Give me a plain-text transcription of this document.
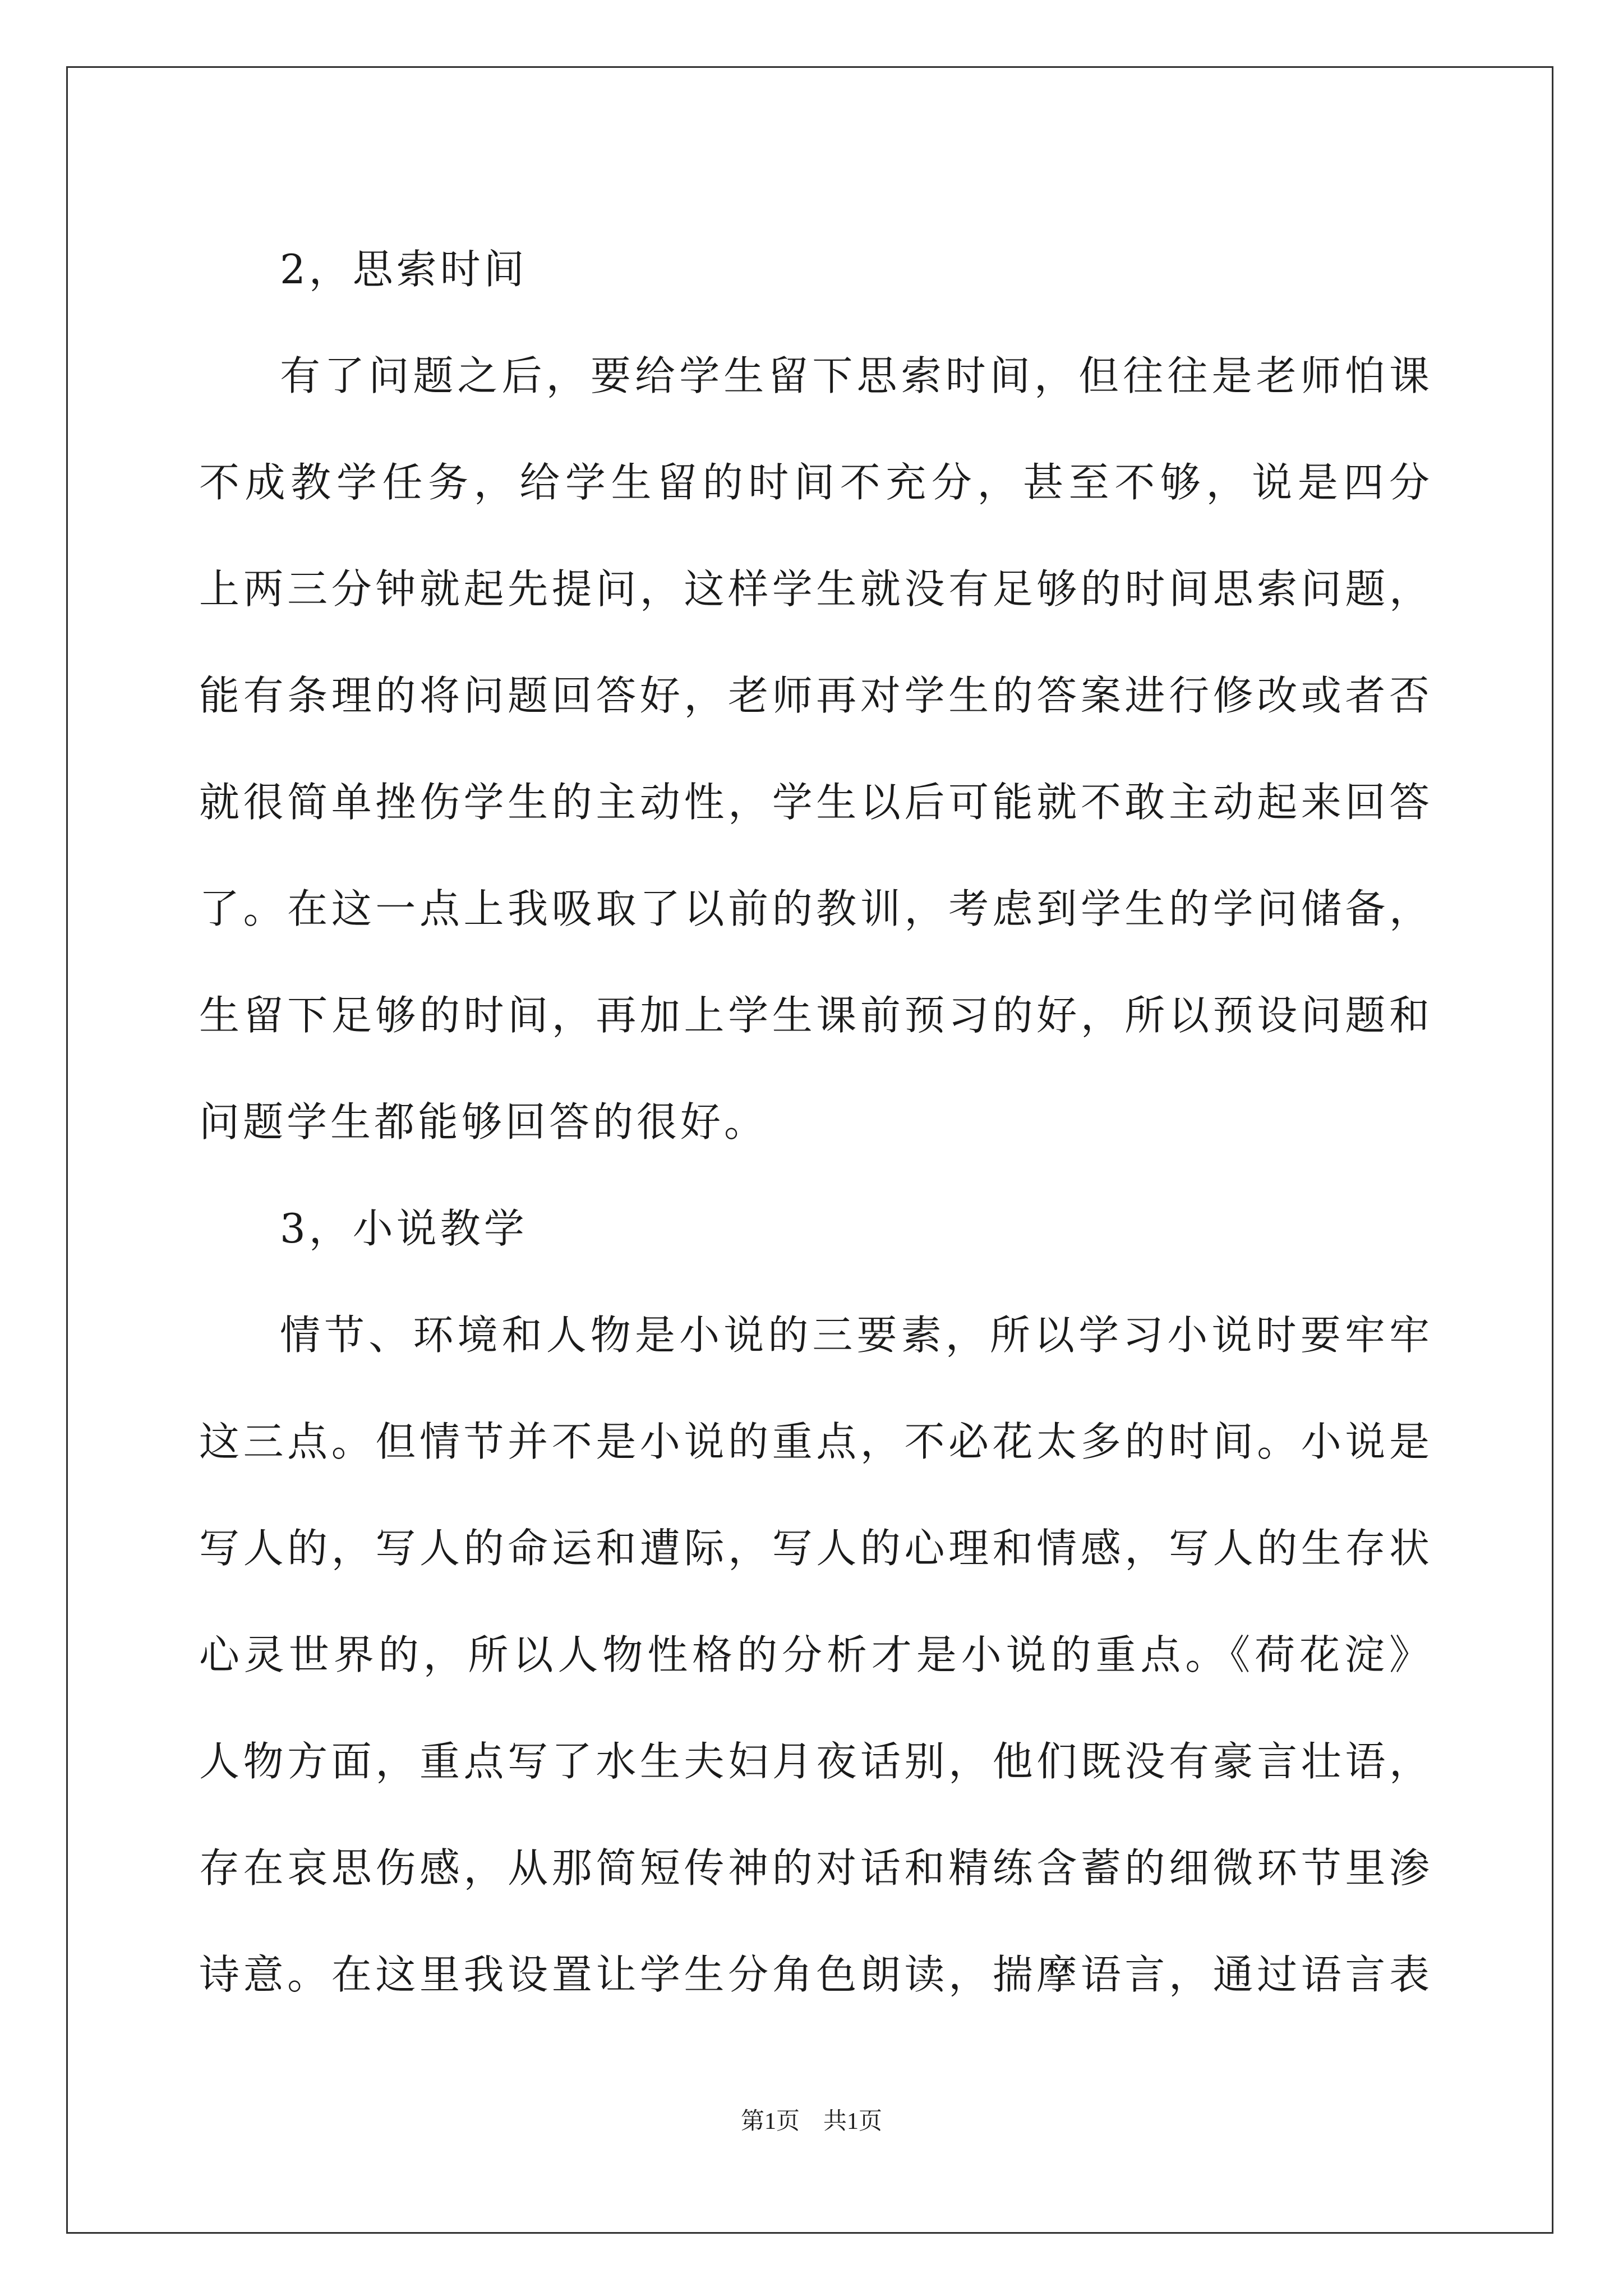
2，思索时间
有了问题之后，要给学生留下思索时间，但往往是老师怕课
不成教学任务，给学生留的时间不充分，甚至不够，说是四分
上两三分钟就起先提问，这样学生就没有足够的时间思索问题，
能有条理的将问题回答好，老师再对学生的答案进行修改或者否
就很简单挫伤学生的主动性，学生以后可能就不敢主动起来回答
了。在这一点上我吸取了以前的教训，考虑到学生的学问储备，
生留下足够的时间，再加上学生课前预习的好，所以预设问题和
问题学生都能够回答的很好。
3，小说教学
情节、环境和人物是小说的三要素，所以学习小说时要牢牢
这三点。但情节并不是小说的重点，不必花太多的时间。小说是
写人的，写人的命运和遭际，写人的心理和情感，写人的生存状
心灵世界的，所以人物性格的分析才是小说的重点。《荷花淀》
人物方面，重点写了水生夫妇月夜话别，他们既没有豪言壮语，
存在哀思伤感，从那简短传神的对话和精练含蓄的细微环节里渗
诗意。在这里我设置让学生分角色朗读，揣摩语言，通过语言表
第1页　共1页
